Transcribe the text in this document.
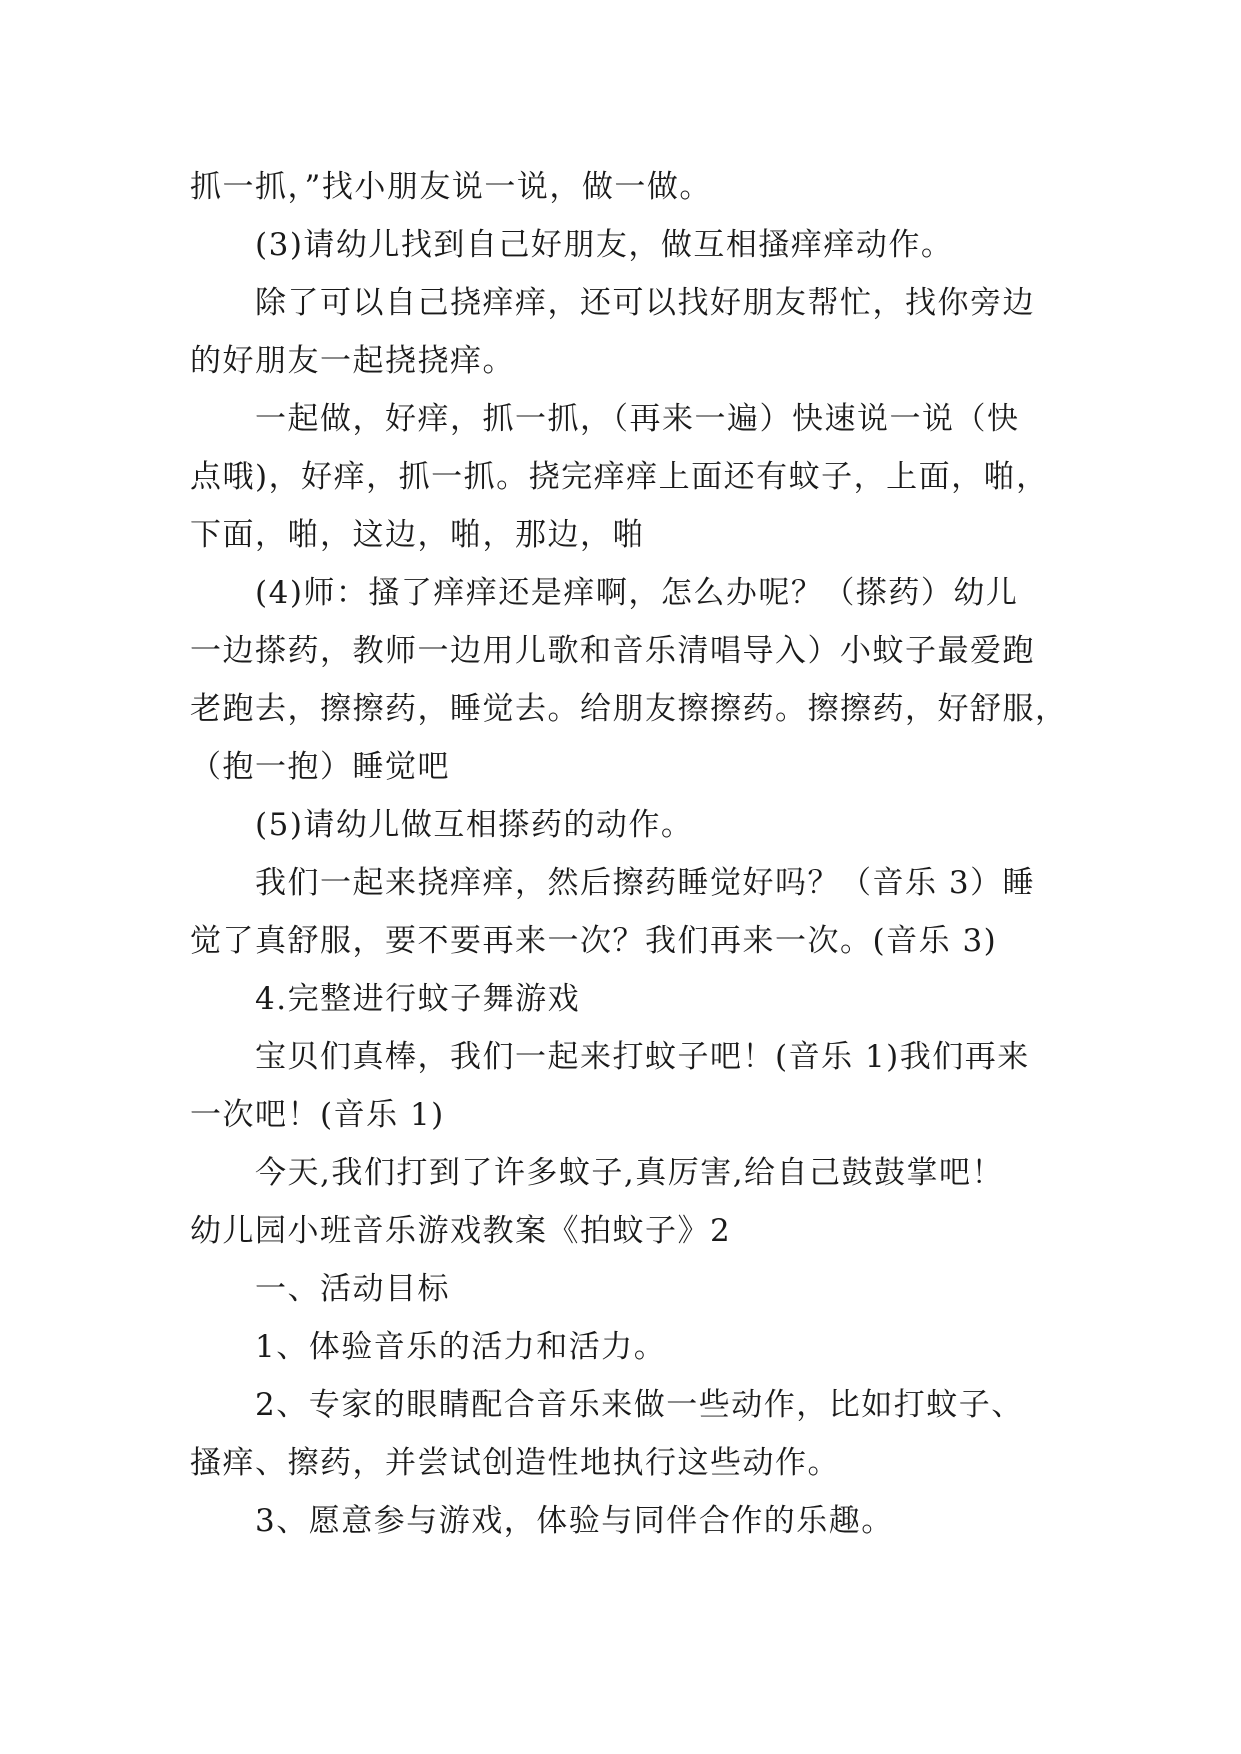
抓一抓，”找小朋友说一说，做一做。
(3)请幼儿找到自己好朋友，做互相搔痒痒动作。
除了可以自己挠痒痒，还可以找好朋友帮忙，找你旁边
的好朋友一起挠挠痒。
一起做，好痒，抓一抓，（再来一遍）快速说一说（快
点哦)，好痒，抓一抓。挠完痒痒上面还有蚊子，上面，啪，
下面，啪，这边，啪，那边，啪
(4)师：搔了痒痒还是痒啊，怎么办呢？（搽药）幼儿
一边搽药，教师一边用儿歌和音乐清唱导入）小蚊子最爱跑
老跑去，擦擦药，睡觉去。给朋友擦擦药。擦擦药，好舒服，
（抱一抱）睡觉吧
(5)请幼儿做互相搽药的动作。
我们一起来挠痒痒，然后擦药睡觉好吗？（音乐 3）睡
觉了真舒服，要不要再来一次？我们再来一次。(音乐 3)
4.完整进行蚊子舞游戏
宝贝们真棒，我们一起来打蚊子吧！(音乐 1)我们再来
一次吧！(音乐 1)
今天,我们打到了许多蚊子,真厉害,给自己鼓鼓掌吧！
幼儿园小班音乐游戏教案《拍蚊子》2
一、活动目标
1、体验音乐的活力和活力。
2、专家的眼睛配合音乐来做一些动作，比如打蚊子、
搔痒、擦药，并尝试创造性地执行这些动作。
3、愿意参与游戏，体验与同伴合作的乐趣。
